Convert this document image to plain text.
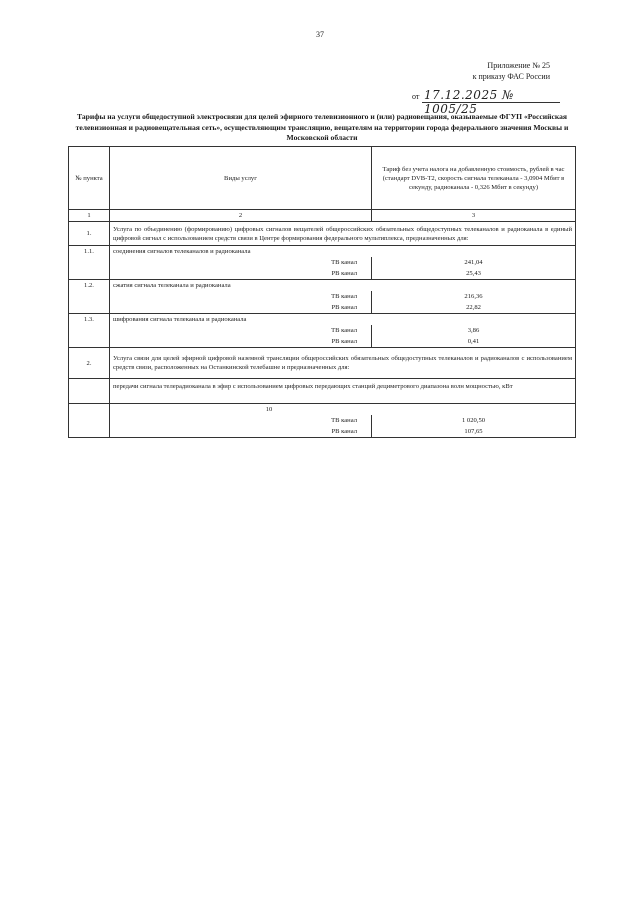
37
Приложение № 25
к приказу ФАС России
от 17.12.2025 № 1005/25
Тарифы на услуги общедоступной электросвязи для целей эфирного телевизионного и (или) радиовещания, оказываемые ФГУП «Российская телевизионная и радиовещательная сеть», осуществляющим трансляцию, вещателям на территории города федерального значения Москвы и Московской области
№ пункта	Виды услуг	Тариф без учета налога на добавленную стоимость, рублей в час (стандарт DVB-T2, скорость сигнала телеканала - 3,0904 Мбит в секунду, радиоканала - 0,326 Мбит в секунду)
1	2	3
1.	Услуга по объединению (формированию) цифровых сигналов вещателей общероссийских обязательных общедоступных телеканалов и радиоканала в единый цифровой сигнал с использованием средств связи в Центре формирования федерального мультиплекса, предназначенных для:	
1.1.	соединения сигналов телеканалов и радиоканала	
	ТВ канал	241,04
	РВ канал	25,43
1.2.	сжатия сигнала телеканала и радиоканала	
	ТВ канал	216,36
	РВ канал	22,82
1.3.	шифрования сигнала телеканала и радиоканала	
	ТВ канал	3,86
	РВ канал	0,41
2.	Услуга связи для целей эфирной цифровой наземной трансляции общероссийских обязательных общедоступных телеканалов и радиоканалов с использованием средств связи, расположенных на Останкинской телебашне и предназначенных для:	
	передачи сигнала телерадиоканала в эфир с использованием цифровых передающих станций дециметрового диапазона волн мощностью, кВт	
	10	
	ТВ канал	1 020,50
	РВ канал	107,65
